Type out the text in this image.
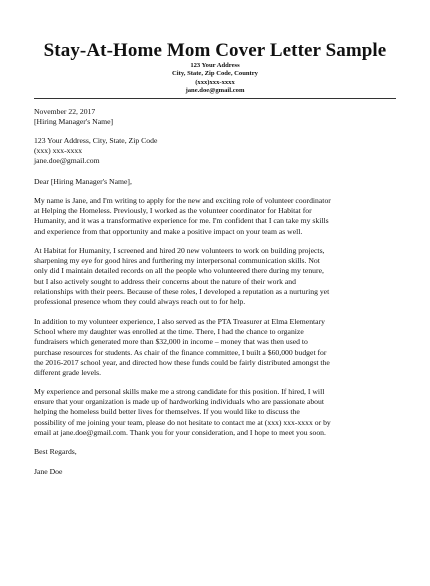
Stay-At-Home Mom Cover Letter Sample
123 Your Address
City, State, Zip Code, Country
(xxx)xxx-xxxx
jane.doe@gmail.com
November 22, 2017
[Hiring Manager's Name]
123 Your Address, City, State, Zip Code
(xxx) xxx-xxxx
jane.doe@gmail.com
Dear [Hiring Manager's Name],
My name is Jane, and I'm writing to apply for the new and exciting role of volunteer coordinator
at Helping the Homeless. Previously, I worked as the volunteer coordinator for Habitat for
Humanity, and it was a transformative experience for me. I'm confident that I can take my skills
and experience from that opportunity and make a positive impact on your team as well.
At Habitat for Humanity, I screened and hired 20 new volunteers to work on building projects,
sharpening my eye for good hires and furthering my interpersonal communication skills. Not
only did I maintain detailed records on all the people who volunteered there during my tenure,
but I also actively sought to address their concerns about the nature of their work and
relationships with their peers. Because of these roles, I developed a reputation as a nurturing yet
professional presence whom they could always reach out to for help.
In addition to my volunteer experience, I also served as the PTA Treasurer at Elma Elementary
School where my daughter was enrolled at the time. There, I had the chance to organize
fundraisers which generated more than $32,000 in income – money that was then used to
purchase resources for students. As chair of the finance committee, I built a $60,000 budget for
the 2016-2017 school year, and directed how these funds could be fairly distributed amongst the
different grade levels.
My experience and personal skills make me a strong candidate for this position. If hired, I will
ensure that your organization is made up of hardworking individuals who are passionate about
helping the homeless build better lives for themselves. If you would like to discuss the
possibility of me joining your team, please do not hesitate to contact me at (xxx) xxx-xxxx or by
email at jane.doe@gmail.com. Thank you for your consideration, and I hope to meet you soon.
Best Regards,
Jane Doe
